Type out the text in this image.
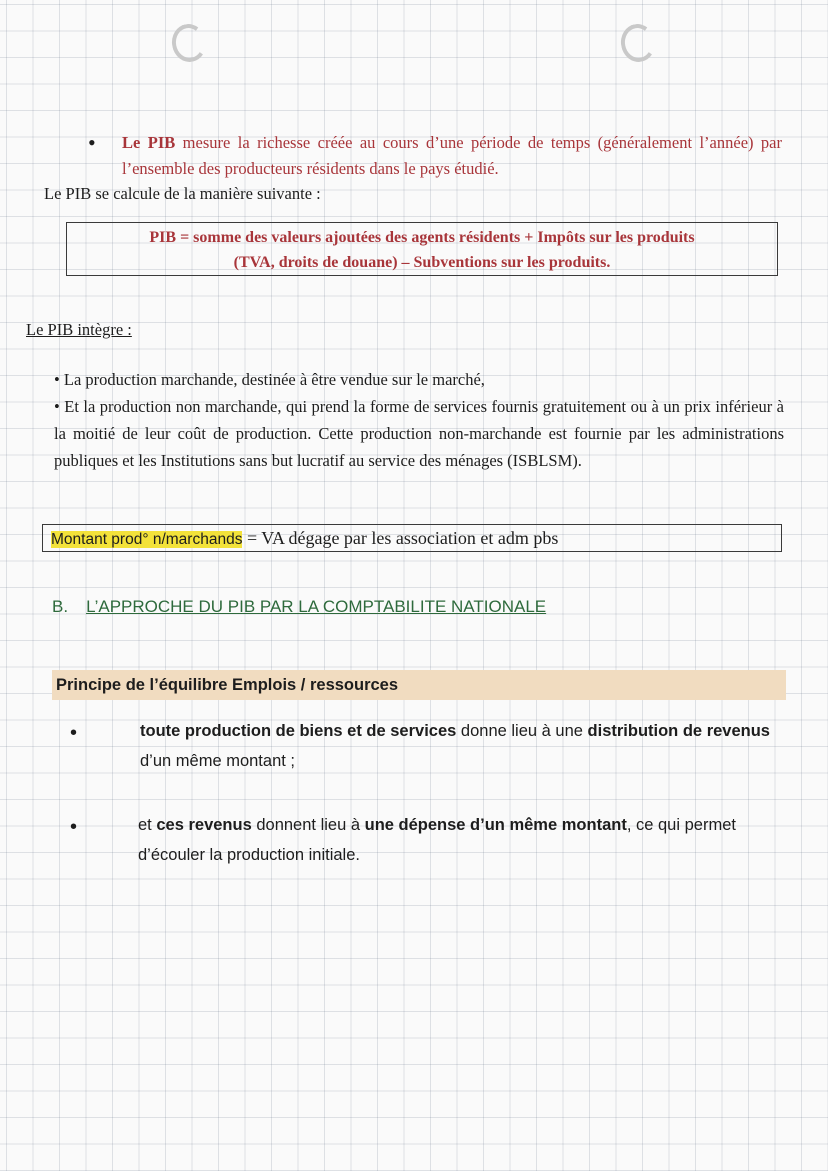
• Le PIB mesure la richesse créée au cours d’une période de temps (généralement l’année) par l’ensemble des producteurs résidents dans le pays étudié.
Le PIB se calcule de la manière suivante :
PIB = somme des valeurs ajoutées des agents résidents + Impôts sur les produits
(TVA, droits de douane) – Subventions sur les produits.
Le PIB intègre :

• La production marchande, destinée à être vendue sur le marché,

• Et la production non marchande, qui prend la forme de services fournis gratuitement ou à un prix inférieur à la moitié de leur coût de production. Cette production non-marchande est fournie par les administrations publiques et les Institutions sans but lucratif au service des ménages (ISBLSM).

Montant prod° n/marchands = VA dégage par les association et adm pbs
B. L’APPROCHE DU PIB PAR LA COMPTABILITE NATIONALE
Principe de l’équilibre Emplois / ressources
•	toute production de biens et de services donne lieu à une distribution de revenus d’un même montant ;
•	et ces revenus donnent lieu à une dépense d’un même montant, ce qui permet d’écouler la production initiale.
